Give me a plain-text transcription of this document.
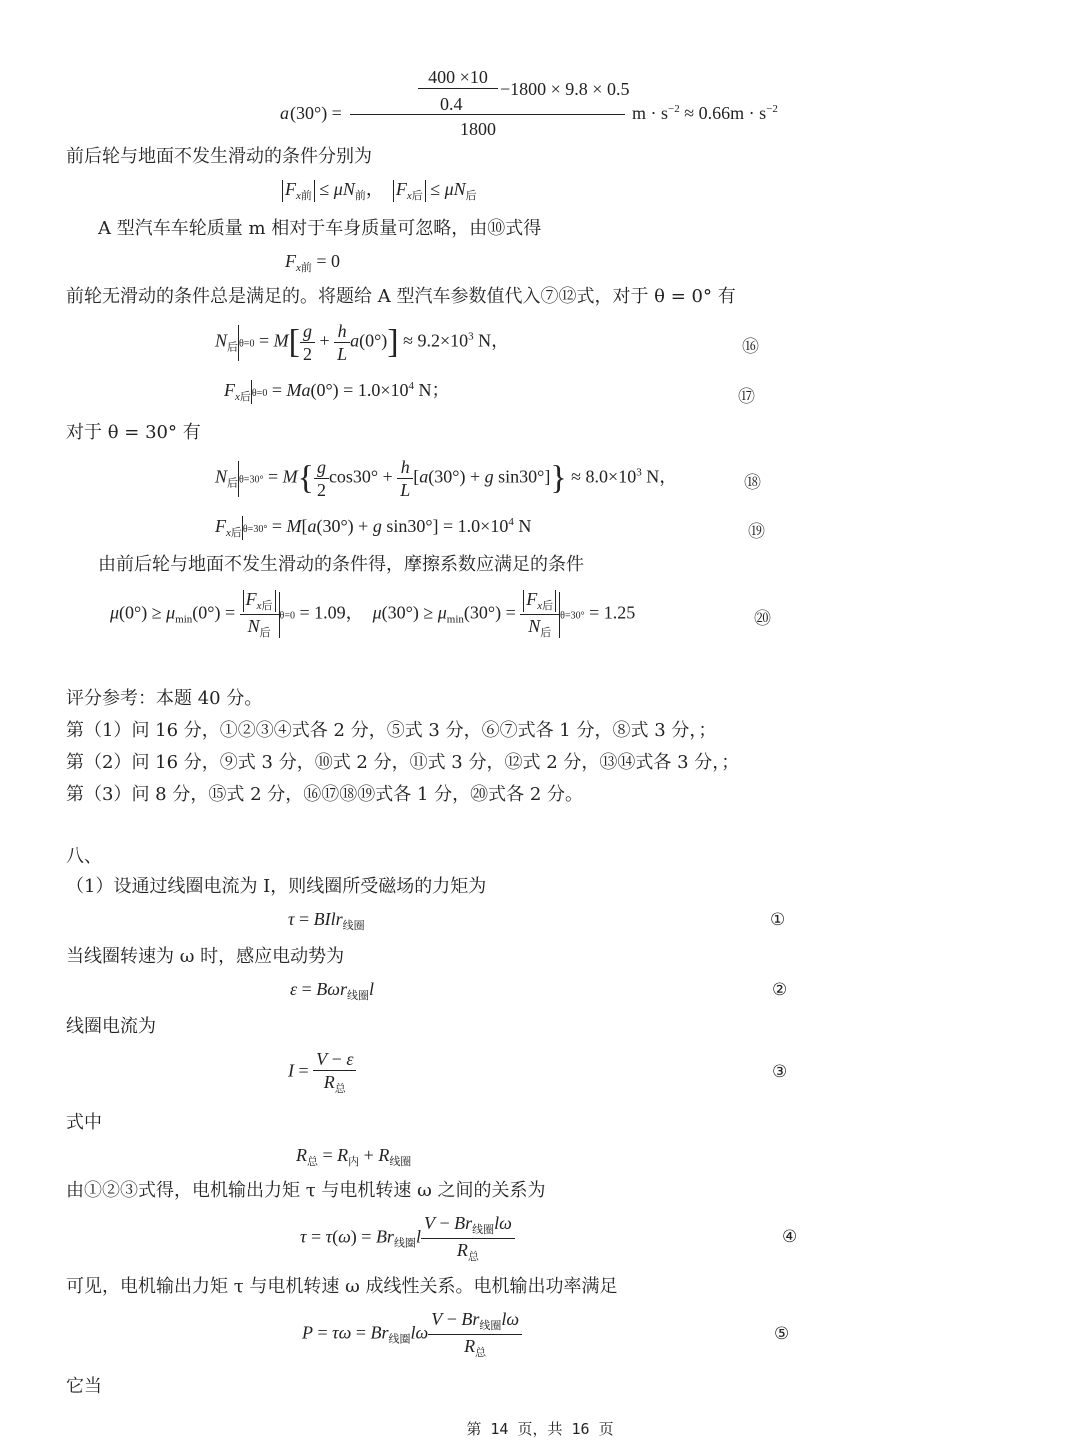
a (30°) =
400 ×10
0.4
−1800 × 9.8 × 0.5
1800
$m \cdot s^{-2} \approx 0.66m \cdot s^{-2}$
前后轮与地面不发生滑动的条件分别为
$F_{x前} \le \mu N_前$，  $F_{x后} \le \mu N_后$
A 型汽车车轮质量 m 相对于车身质量可忽略，由⑩式得
$F_{x前} = 0$
前轮无滑动的条件总是满足的。将题给 A 型汽车参数值代入⑦⑫式，对于 θ = 0° 有
$N_后\theta=0 = M[ \frac{g}{2} + \frac{h}{L} a(0^\circ)] \approx 9.2\times 10^3$ N，	⑯
$F_{x后}\theta=0 = Ma(0^\circ) = 1.0\times 10^4$ N；	⑰
对于 θ = 30° 有
$N_后\theta=30^\circ = M\{ \frac{g}{2} \cos 30^\circ + \frac{h}{L} [a(30^\circ) + g$ $\sin 30^\circ]\} \approx 8.0\times 10^3$ N，	⑱
$F_{x后}\theta=30^\circ = M[a(30^\circ) + g$ $\sin 30^\circ] = 1.0\times 10^4$ N	⑲
由前后轮与地面不发生滑动的条件得，摩擦系数应满足的条件
$\mu(0^\circ) \ge \mu_{min}(0^\circ) = \frac{F_{x后}}{N_后} \theta=0 = 1.09$，  $\mu(30^\circ) \ge \mu_{min}(30^\circ) = \frac{F_{x后}}{N_后} \theta=30^\circ = 1.25$	⑳
评分参考：本题 40 分。
第（1）问 16 分，①②③④式各 2 分，⑤式 3 分，⑥⑦式各 1 分，⑧式 3 分，；
第（2）问 16 分，⑨式 3 分，⑩式 2 分，⑪式 3 分，⑫式 2 分，⑬⑭式各 3 分，；
第（3）问 8 分，⑮式 2 分，⑯⑰⑱⑲式各 1 分，⑳式各 2 分。
八、
（1）设通过线圈电流为 I，则线圈所受磁场的力矩为
τ = BIlr$_{线圈}$	①
当线圈转速为 ω 时，感应电动势为
ε = Bωr$_{线圈}$l	②
线圈电流为
$I = \frac{V - \varepsilon}{R_总}$	③
式中
$R_总 = R_内 + R_{线圈}$
由①②③式得，电机输出力矩 τ 与电机转速 ω 之间的关系为
$\tau = \tau(\omega) = Br_{线圈}l \frac{V - Br_{线圈}l\omega}{R_总}$	④
可见，电机输出力矩 τ 与电机转速 ω 成线性关系。电机输出功率满足
$P = \tau\omega = Br_{线圈}l\omega \frac{V - Br_{线圈}l\omega}{R_总}$	⑤
它当
第 14 页，共 16 页
